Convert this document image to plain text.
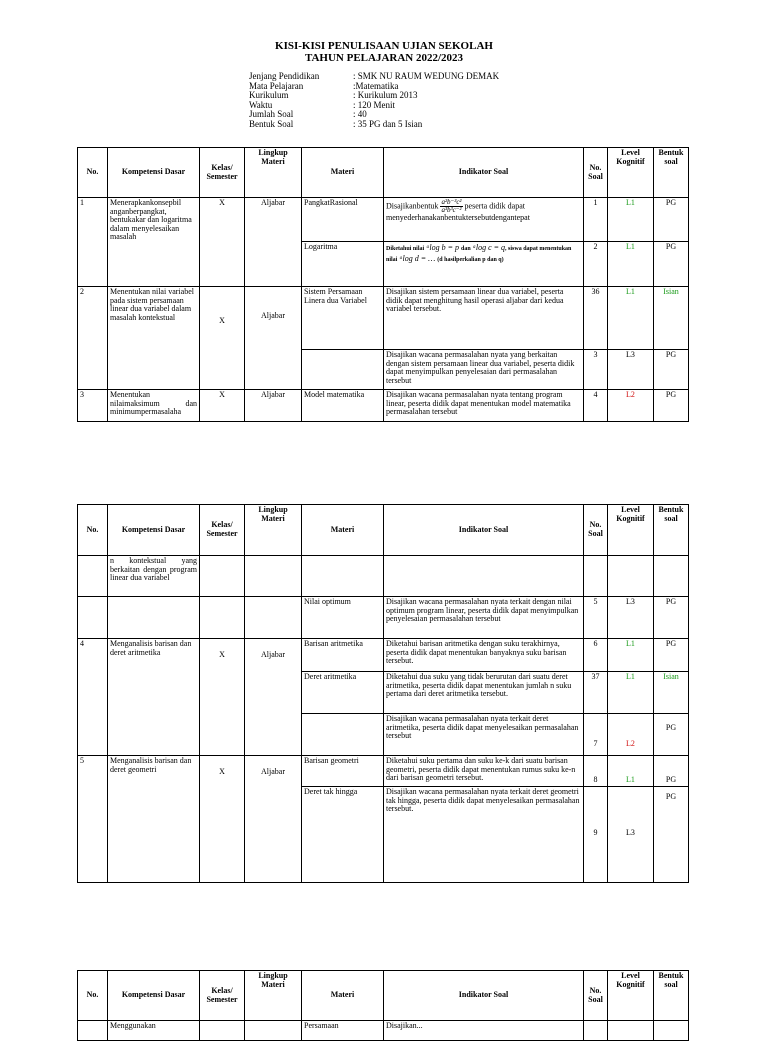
KISI-KISI PENULISAAN UJIAN SEKOLAH
TAHUN PELAJARAN 2022/2023
Jenjang Pendidikan	: SMK NU RAUM WEDUNG DEMAK
Mata Pelajaran	:Matematika
Kurikulum	: Kurikulum 2013
Waktu	: 120 Menit
Jumlah Soal	: 40
Bentuk Soal	: 35 PG dan 5 Isian
No.	Kompetensi Dasar	Kelas/ Semester	Lingkup Materi	Materi	Indikator Soal	No. Soal	Level Kognitif	Bentuk soal
1	Menerapkankonsepbil anganberpangkat, bentukakar dan logaritma dalam menyelesaikan masalah	X	Aljabar	PangkatRasional	Disajikanbentuk $\frac{\text{a²b⁻³c²}}{\text{a³b³c⁻²}}$ peserta didik dapat menyederhanakanbentuktersebutdengantepat	1	L1	PG
				Logaritma	Diketahui nilai ᵃlog b = p dan ᵃlog c = q, siswa dapat menentukan nilai ᵃlog d = … (d hasilperkalian p dan q)	2	L1	PG
2	Menentukan nilai variabel pada sistem persamaan linear dua variabel dalam masalah kontekstual	X	Aljabar	Sistem Persamaan Linera dua Variabel	Disajikan sistem persamaan linear dua variabel, peserta didik dapat menghitung hasil operasi aljabar dari kedua variabel tersebut.	36	L1	Isian
					Disajikan wacana permasalahan nyata yang berkaitan dengan sistem persamaan linear dua variabel, peserta didik dapat menyimpulkan penyelesaian dari permasalahan tersebut	3	L3	PG
3	Menentukan nilaimaksimum dan minimumpermasalaha	X	Aljabar	Model matematika	Disajikan wacana permasalahan nyata tentang program linear, peserta didik dapat menentukan model matematika permasalahan tersebut	4	L2	PG
No.	Kompetensi Dasar	Kelas/ Semester	Lingkup Materi	Materi	Indikator Soal	No. Soal	Level Kognitif	Bentuk soal
	n kontekstual yang berkaitan dengan program linear dua variabel							
				Nilai optimum	Disajikan wacana permasalahan nyata terkait dengan nilai optimum program linear, peserta didik dapat menyimpulkan penyelesaian permasalahan tersebut	5	L3	PG
4	Menganalisis barisan dan deret aritmetika	X	Aljabar	Barisan aritmetika	Diketahui barisan aritmetika dengan suku terakhirnya, peserta didik dapat menentukan banyaknya suku barisan tersebut.	6	L1	PG
				Deret aritmetika	Diketahui dua suku yang tidak berurutan dari suatu deret aritmetika, peserta didik dapat menentukan jumlah n suku pertama dari deret aritmetika tersebut.	37	L1	Isian
					Disajikan wacana permasalahan nyata terkait deret aritmetika, peserta didik dapat menyelesaikan permasalahan tersebut	7	L2	PG
5	Menganalisis barisan dan deret geometri	X	Aljabar	Barisan geometri	Diketahui suku pertama dan suku ke-k dari suatu barisan geometri, peserta didik dapat menentukan rumus suku ke-n dari barisan geometri tersebut.	8	L1	PG
				Deret tak hingga	Disajikan wacana permasalahan nyata terkait deret geometri tak hingga, peserta didik dapat menyelesaikan permasalahan tersebut.	9	L3	PG
No.	Kompetensi Dasar	Kelas/ Semester	Lingkup Materi	Materi	Indikator Soal	No. Soal	Level Kognitif	Bentuk soal
	Menggunakan			Persamaan	Disajikan...			
